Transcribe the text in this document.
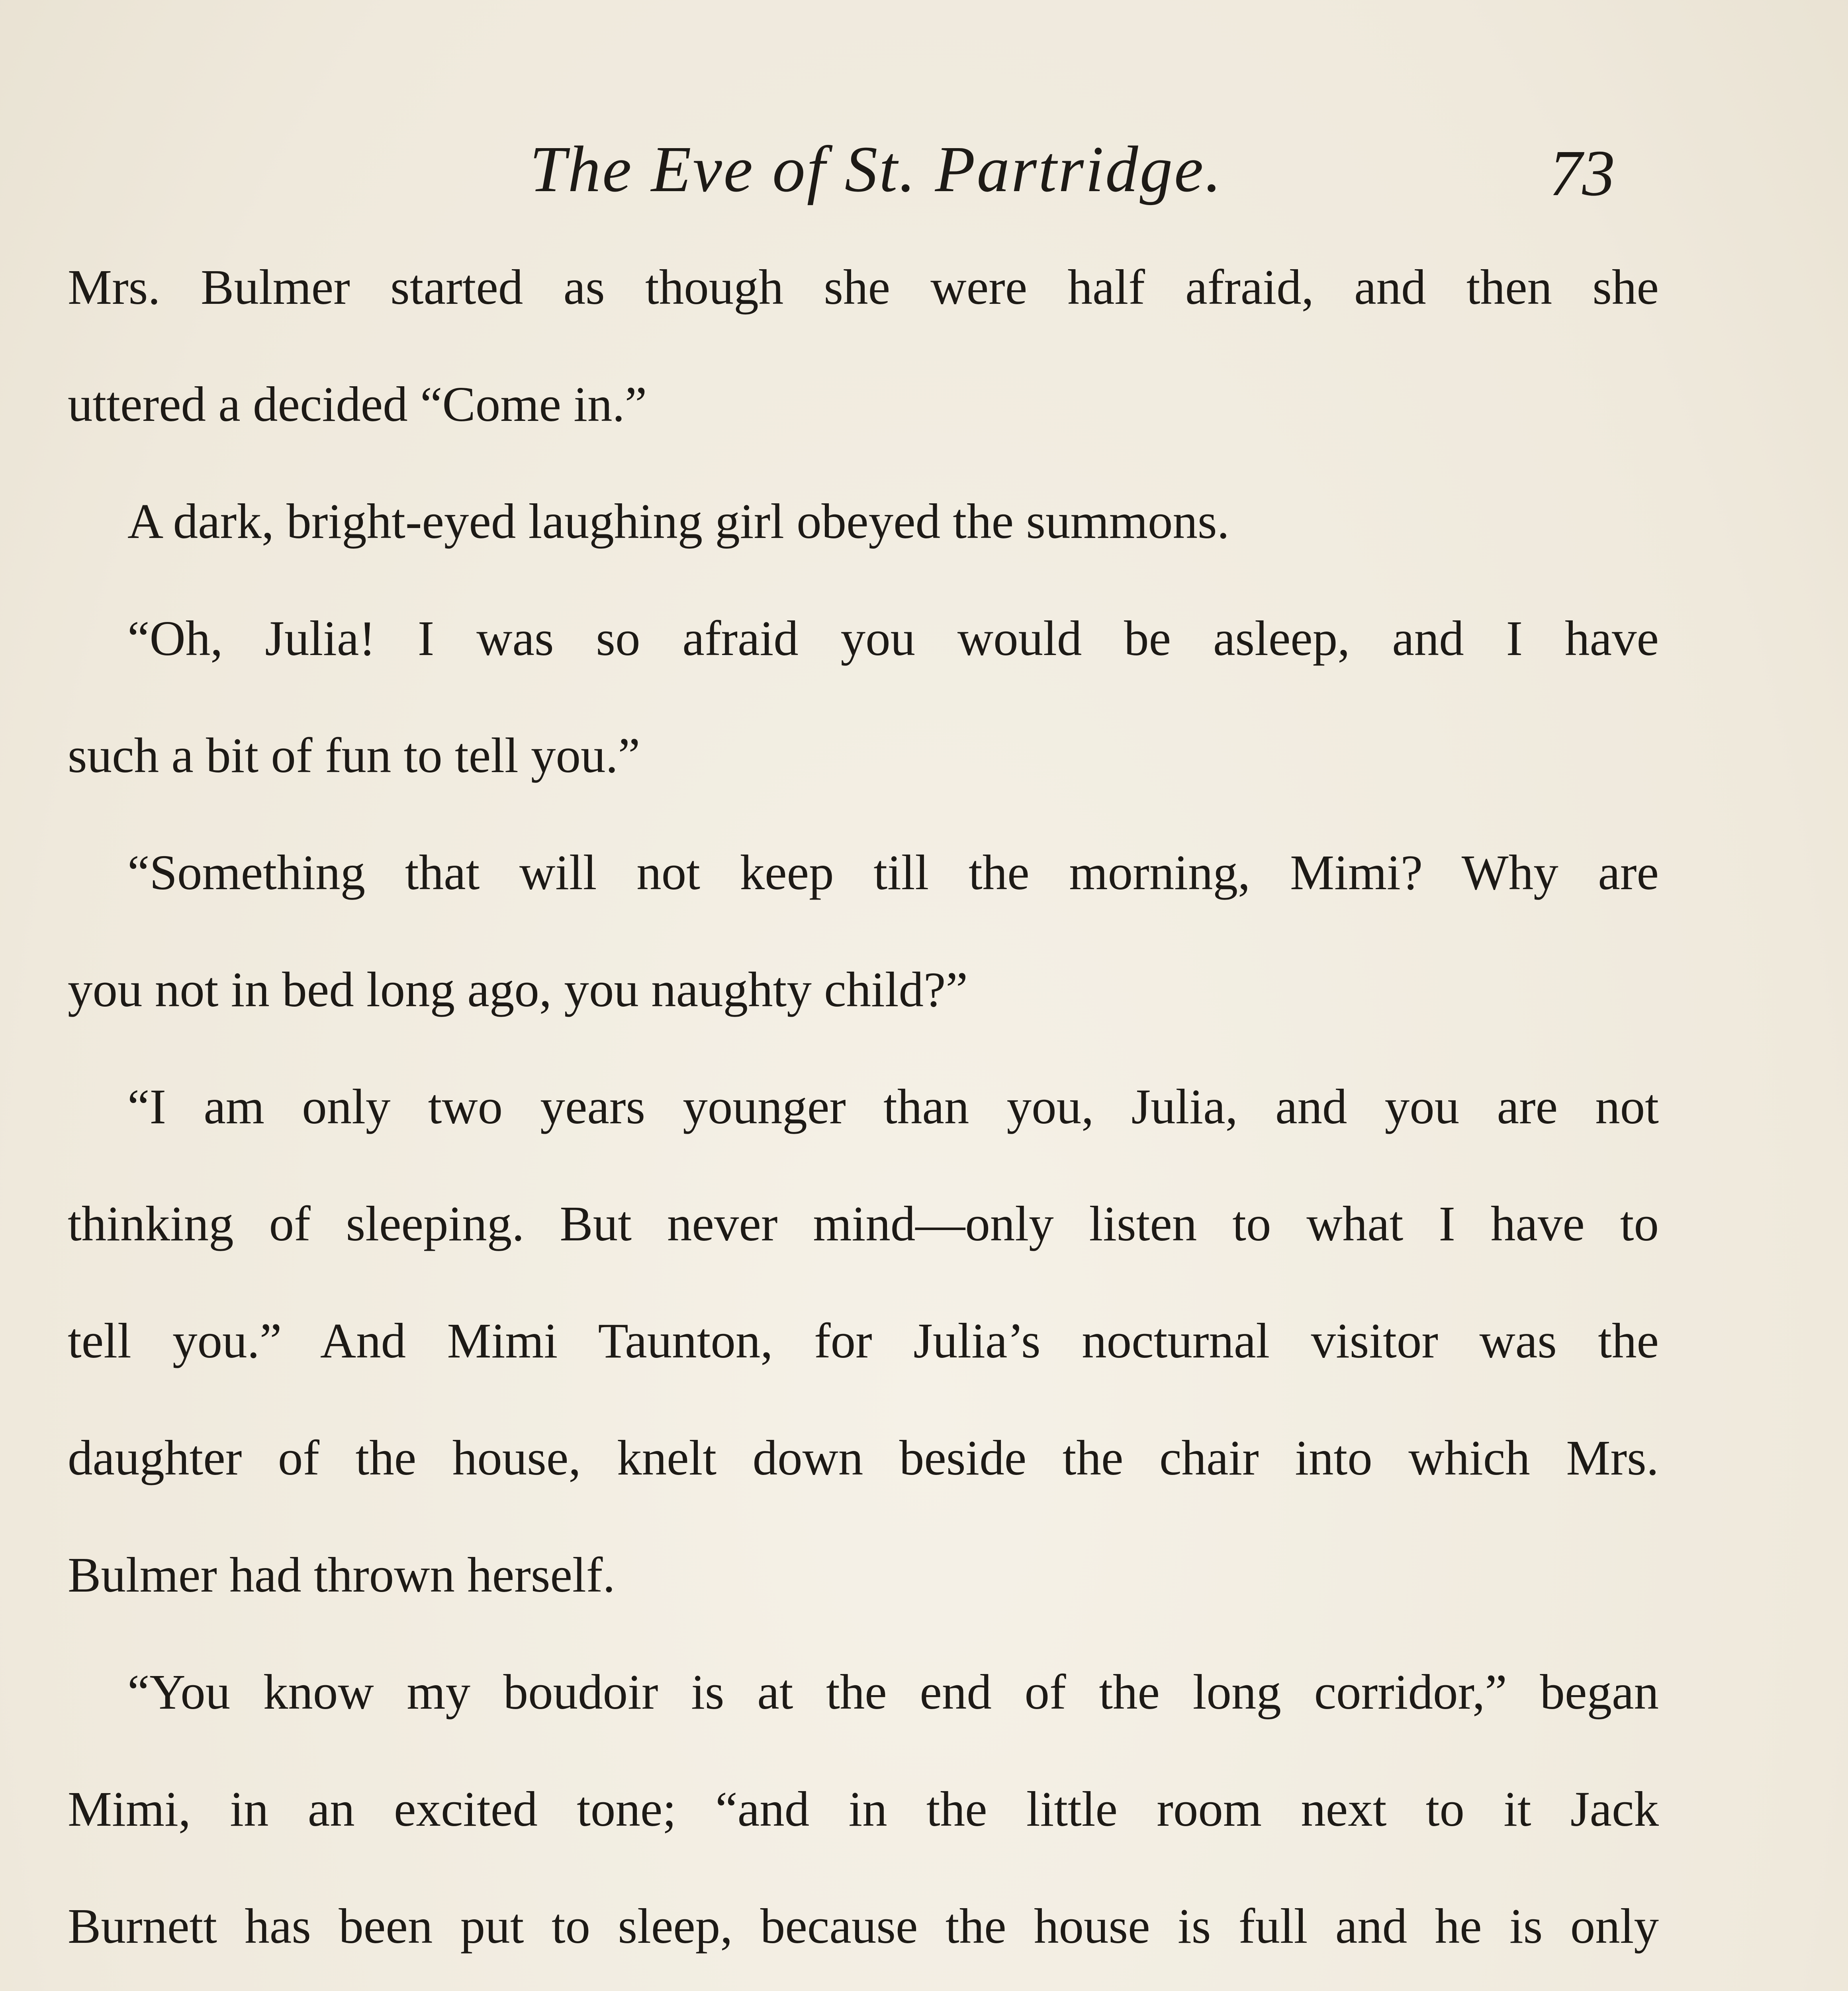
The Eve of St. Partridge.	73
Mrs. Bulmer started as though she were half afraid, and then she
uttered a decided “Come in.”
A dark, bright-eyed laughing girl obeyed the summons.
“Oh, Julia! I was so afraid you would be asleep, and I have
such a bit of fun to tell you.”
“Something that will not keep till the morning, Mimi? Why are
you not in bed long ago, you naughty child?”
“I am only two years younger than you, Julia, and you are not
thinking of sleeping. But never mind—only listen to what I have to
tell you.” And Mimi Taunton, for Julia’s nocturnal visitor was the
daughter of the house, knelt down beside the chair into which Mrs.
Bulmer had thrown herself.
“You know my boudoir is at the end of the long corridor,” began
Mimi, in an excited tone; “and in the little room next to it Jack
Burnett has been put to sleep, because the house is full and he is only
